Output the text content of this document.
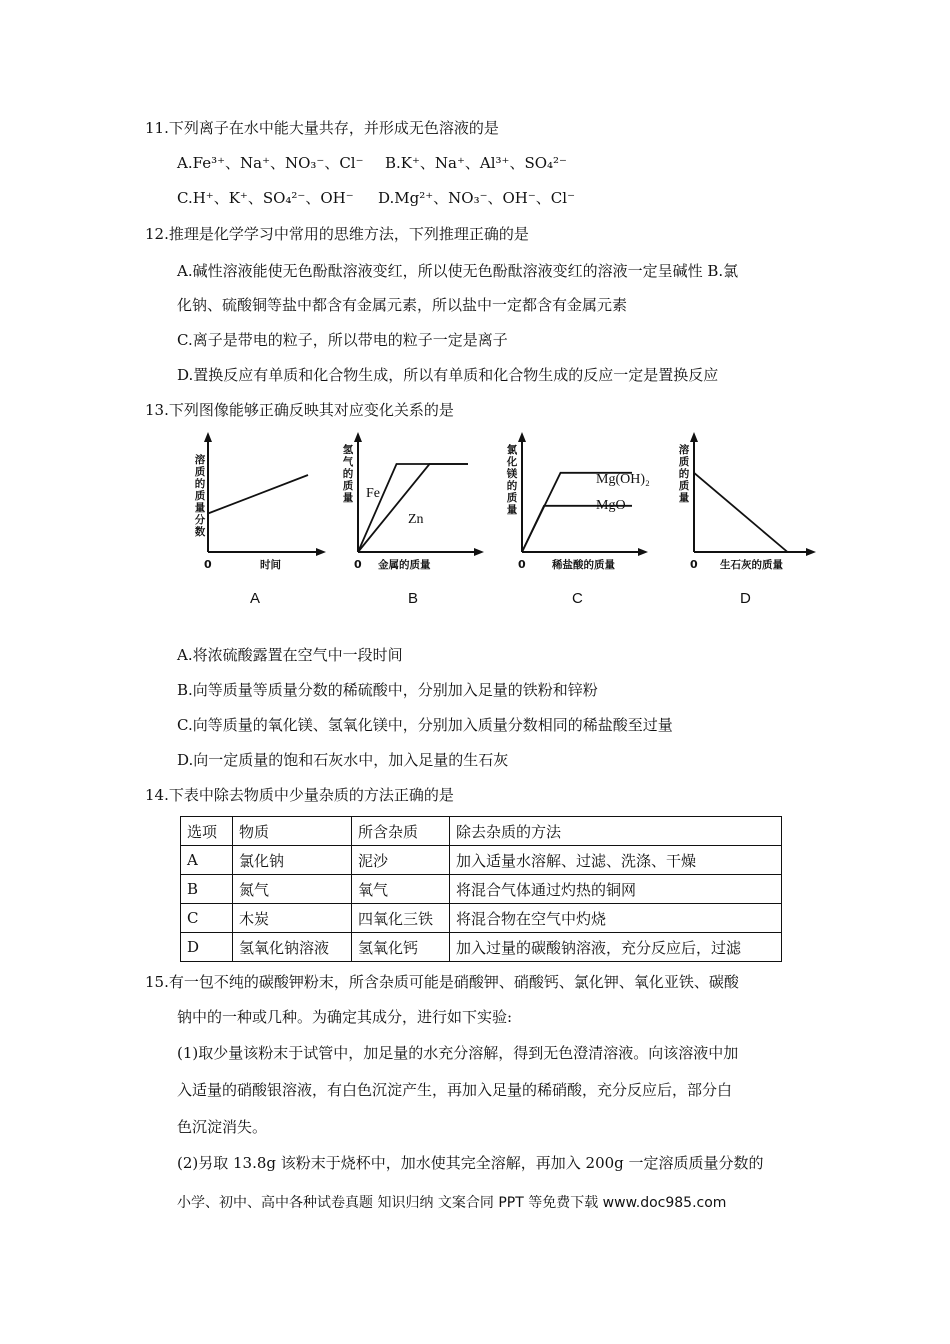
11.下列离子在水中能大量共存，并形成无色溶液的是
A.Fe³⁺、Na⁺、NO₃⁻、Cl⁻ B.K⁺、Na⁺、Al³⁺、SO₄²⁻
C.H⁺、K⁺、SO₄²⁻、OH⁻ D.Mg²⁺、NO₃⁻、OH⁻、Cl⁻
12.推理是化学学习中常用的思维方法，下列推理正确的是
A.碱性溶液能使无色酚酞溶液变红，所以使无色酚酞溶液变红的溶液一定呈碱性 B.氯
化钠、硫酸铜等盐中都含有金属元素，所以盐中一定都含有金属元素
C.离子是带电的粒子，所以带电的粒子一定是离子
D.置换反应有单质和化合物生成，所以有单质和化合物生成的反应一定是置换反应
13.下列图像能够正确反映其对应变化关系的是
溶质的质量分数
0	时间
A
氢气的质量 Fe
Zn
0 金属的质量
B
氯化镁的质量
Mg(OH)₂
MgO
0	稀盐酸的质量
C
溶质的质量
0 生石灰的质量
D
A.将浓硫酸露置在空气中一段时间
B.向等质量等质量分数的稀硫酸中，分别加入足量的铁粉和锌粉
C.向等质量的氧化镁、氢氧化镁中，分别加入质量分数相同的稀盐酸至过量
D.向一定质量的饱和石灰水中，加入足量的生石灰
14.下表中除去物质中少量杂质的方法正确的是
选项	物质	所含杂质	除去杂质的方法
A	氯化钠	泥沙	加入适量水溶解、过滤、洗涤、干燥
B	氮气	氧气	将混合气体通过灼热的铜网
C	木炭	四氧化三铁	将混合物在空气中灼烧
D	氢氧化钠溶液	氢氧化钙	加入过量的碳酸钠溶液，充分反应后，过滤
15.有一包不纯的碳酸钾粉末，所含杂质可能是硝酸钾、硝酸钙、氯化钾、氧化亚铁、碳酸
钠中的一种或几种。为确定其成分，进行如下实验:
(1)取少量该粉末于试管中，加足量的水充分溶解，得到无色澄清溶液。向该溶液中加
入适量的硝酸银溶液，有白色沉淀产生，再加入足量的稀硝酸，充分反应后，部分白
色沉淀消失。
(2)另取 13.8g 该粉末于烧杯中，加水使其完全溶解，再加入 200g 一定溶质质量分数的
小学、初中、高中各种试卷真题 知识归纳 文案合同 PPT 等免费下载 www.doc985.com
